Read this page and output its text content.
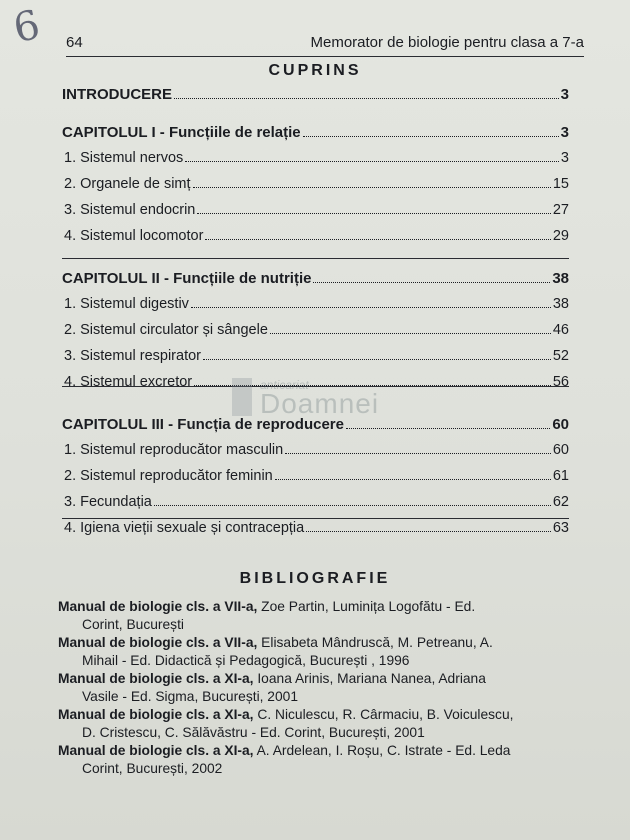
6 64	Memorator de biologie pentru clasa a 7-a
CUPRINS
INTRODUCERE	3
CAPITOLUL I - Funcțiile de relație	3
1. Sistemul nervos	3
2. Organele de simț	15
3. Sistemul endocrin	27
4. Sistemul locomotor	29
CAPITOLUL II - Funcțiile de nutriție	38
1. Sistemul digestiv	38
2. Sistemul circulator și sângele	46
3. Sistemul respirator	52
4. Sistemul excretor	56
CAPITOLUL III - Funcția de reproducere	60
1. Sistemul reproducător masculin	60
2. Sistemul reproducător feminin	61
3. Fecundația	62
4. Igiena vieții sexuale și contracepția	63
anticariat
Doamnei
BIBLIOGRAFIE
Manual de biologie cls. a VII-a, Zoe Partin, Luminița Logofătu - Ed.
Corint, București
Manual de biologie cls. a VII-a, Elisabeta Mândruscă, M. Petreanu, A.
Mihail - Ed. Didactică și Pedagogică, București , 1996
Manual de biologie cls. a XI-a, Ioana Arinis, Mariana Nanea, Adriana
Vasile - Ed. Sigma, București, 2001
Manual de biologie cls. a XI-a, C. Niculescu, R. Cârmaciu, B. Voiculescu,
D. Cristescu, C. Sălăvăstru - Ed. Corint, București, 2001
Manual de biologie cls. a XI-a, A. Ardelean, I. Roșu, C. Istrate - Ed. Leda
Corint, București, 2002
